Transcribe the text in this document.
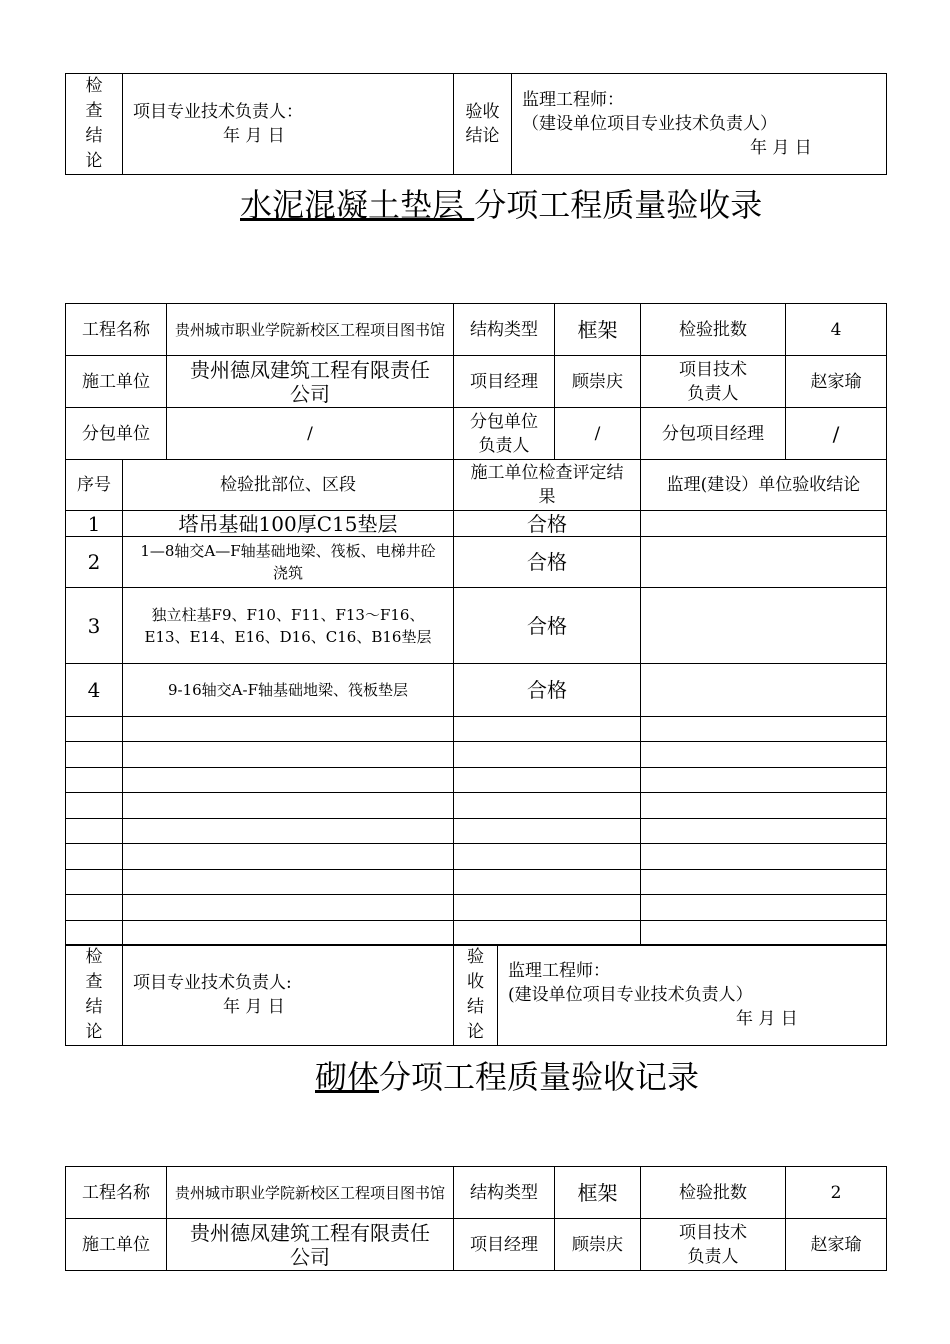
检查结论	项目专业技术负责人：
年 月 日
	验收结论	
监理工程师：
（建设单位项目专业技术负责人）
年 月 日
水泥混凝土垫层 分项工程质量验收录
工程名称	贵州城市职业学院新校区工程项目图书馆	结构类型	框架	检验批数	4
施工单位	贵州德凤建筑工程有限责任公司	项目经理	顾崇庆	项目技术负责人	赵家瑜
分包单位	/	分包单位负责人	/	分包项目经理	/
序号	检验批部位、区段	施工单位检查评定结 果	监理(建设）单位验收结论
1	塔吊基础100厚C15垫层	合格	
2	1—8轴交A—F轴基础地梁、筏板、电梯井砼浇筑	合格	
3	独立柱基F9、F10、F11、F13～F16、E13、E14、E16、D16、C16、B16垫层	合格	
4	9-16轴交A-F轴基础地梁、筏板垫层	合格	

检查结论	项目专业技术负责人:
年 月 日
	验收结论	
监理工程师：
(建设单位项目专业技术负责人）
年 月 日
砌体分项工程质量验收记录
工程名称	贵州城市职业学院新校区工程项目图书馆	结构类型	框架	检验批数	2
施工单位	贵州德凤建筑工程有限责任公司	项目经理	顾崇庆	项目技术负责人	赵家瑜
